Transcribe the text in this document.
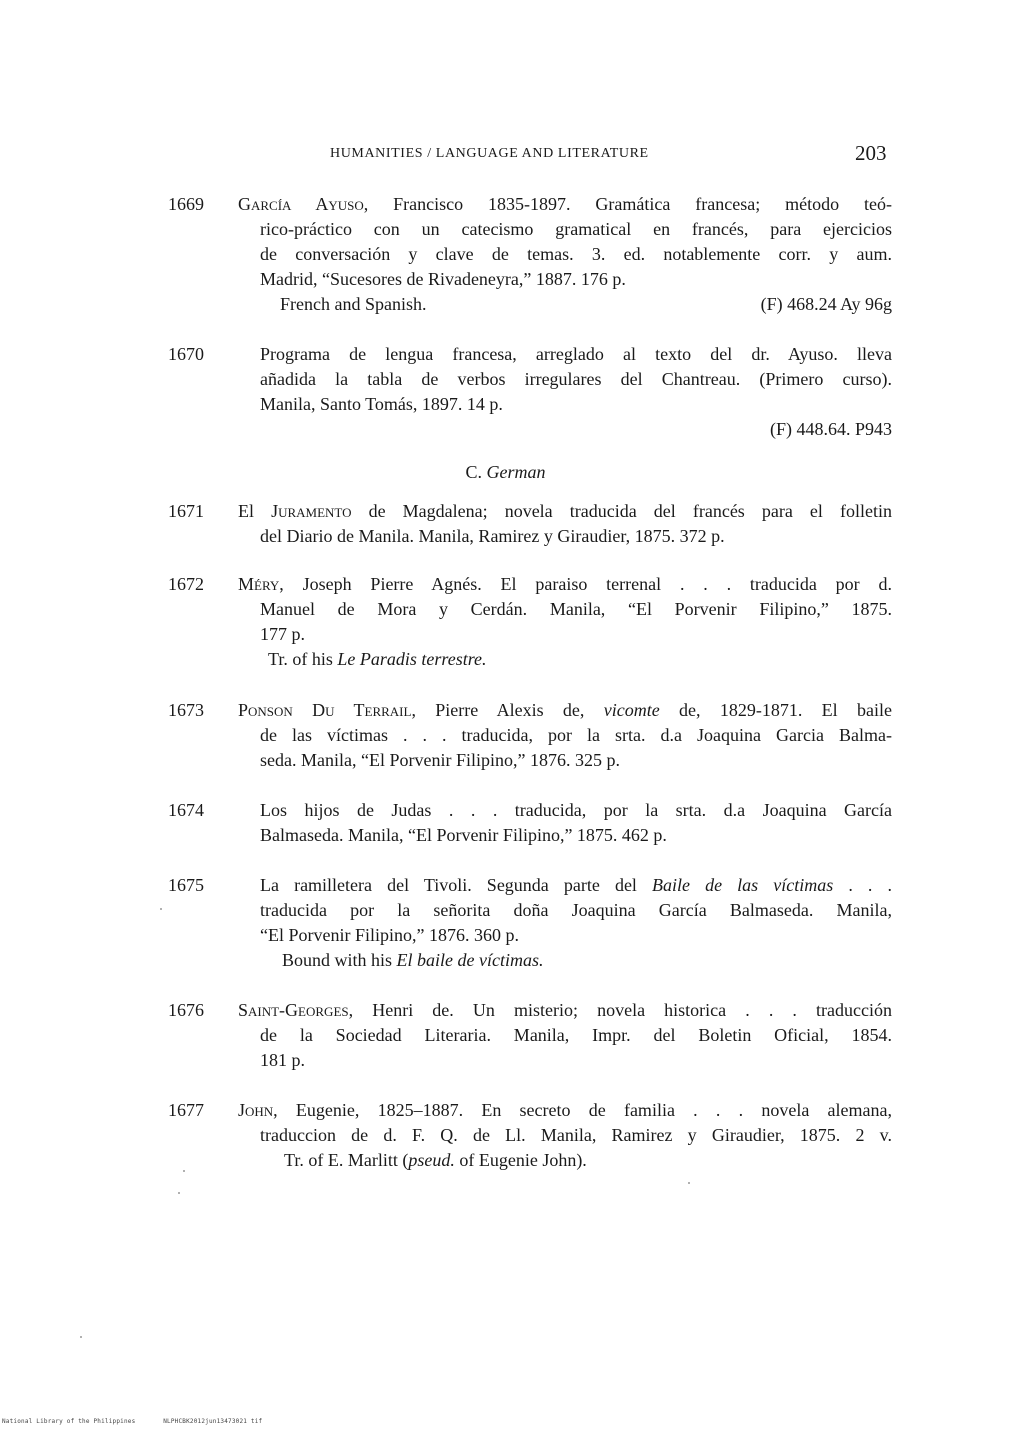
HUMANITIES / LANGUAGE AND LITERATURE	203
1669	García Ayuso, Francisco 1835-1897. Gramática francesa; método teó-
rico-práctico con un catecismo gramatical en francés, para ejercicios
de conversación y clave de temas. 3. ed. notablemente corr. y aum.
Madrid, “Sucesores de Rivadeneyra,” 1887. 176 p.
French and Spanish.	(F) 468.24 Ay 96g
1670	Programa de lengua francesa, arreglado al texto del dr. Ayuso. lleva
añadida la tabla de verbos irregulares del Chantreau. (Primero curso).
Manila, Santo Tomás, 1897. 14 p.
(F) 448.64. P943
C. German
1671	El Juramento de Magdalena; novela traducida del francés para el folletin
del Diario de Manila. Manila, Ramirez y Giraudier, 1875. 372 p.
1672	Méry, Joseph Pierre Agnés. El paraiso terrenal . . . traducida por d.
Manuel de Mora y Cerdán. Manila, “El Porvenir Filipino,” 1875.
177 p.
Tr. of his Le Paradis terrestre.
1673	Ponson Du Terrail, Pierre Alexis de, vicomte de, 1829-1871. El baile
de las víctimas . . . traducida, por la srta. d.a Joaquina Garcia Balma-
seda. Manila, “El Porvenir Filipino,” 1876. 325 p.
1674	Los hijos de Judas . . . traducida, por la srta. d.a Joaquina García
Balmaseda. Manila, “El Porvenir Filipino,” 1875. 462 p.
1675	La ramilletera del Tivoli. Segunda parte del Baile de las víctimas . . .
traducida por la señorita doña Joaquina García Balmaseda. Manila,
“El Porvenir Filipino,” 1876. 360 p.
Bound with his El baile de víctimas.
1676	Saint-Georges, Henri de. Un misterio; novela historica . . . traducción
de la Sociedad Literaria. Manila, Impr. del Boletin Oficial, 1854.
181 p.
1677	John, Eugenie, 1825–1887. En secreto de familia . . . novela alemana,
traduccion de d. F. Q. de Ll. Manila, Ramirez y Giraudier, 1875. 2 v.
Tr. of E. Marlitt (pseud. of Eugenie John).
National Library of the Philippines	NLPHCBK2012jun13473021 tif
